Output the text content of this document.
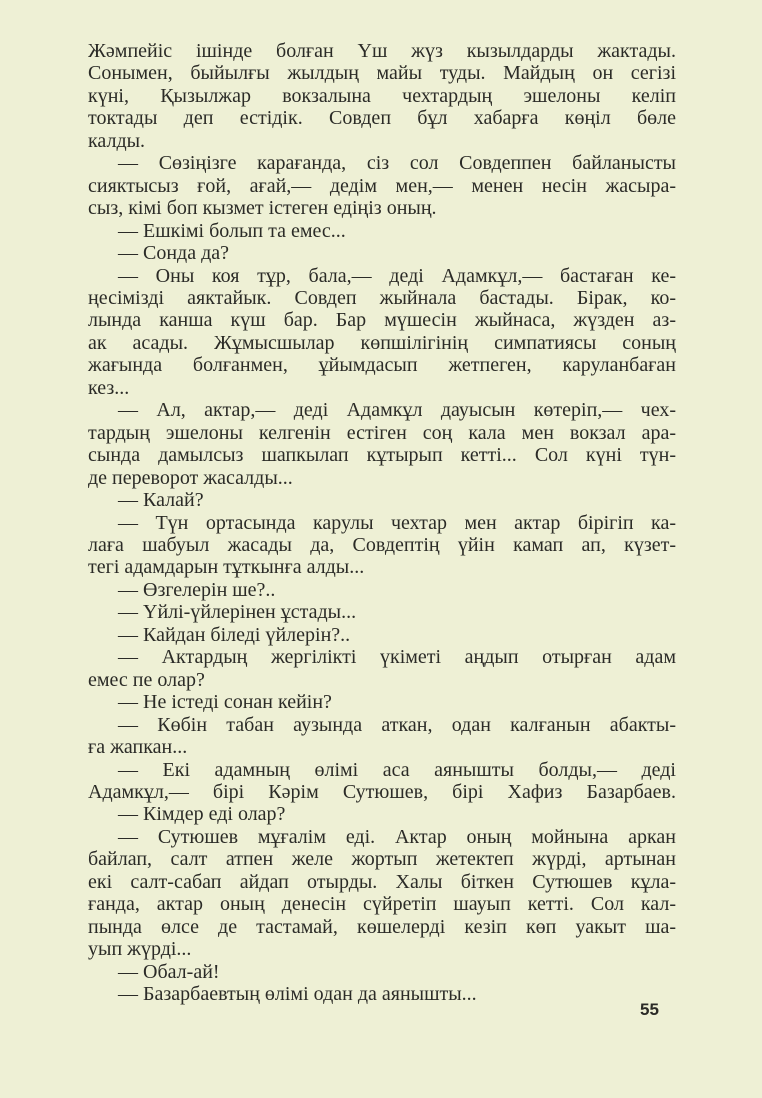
Жәмпейіс ішінде болған Үш жүз кызылдарды жактады.
Сонымен, быйылғы жылдың майы туды. Майдың он сегізі
күні, Қызылжар вокзалына чехтардың эшелоны келіп
токтады деп естідік. Совдеп бұл хабарға көңіл бөле
калды.
— Сөзіңізге карағанда, сіз сол Совдеппен байланысты
сияктысыз ғой, ағай,— дедім мен,— менен несін жасыра-
сыз, кімі боп кызмет істеген едіңіз оның.
— Ешкімі болып та емес...
— Сонда да?
— Оны коя тұр, бала,— деді Адамкұл,— бастаған ке-
ңесімізді аяктайык. Совдеп жыйнала бастады. Бірак, ко-
лында канша күш бар. Бар мүшесін жыйнаса, жүзден аз-
ак асады. Жұмысшылар көпшілігінің симпатиясы соның
жағында болғанмен, ұйымдасып жетпеген, карулaнбаған
кез...
— Ал, актар,— деді Адамкұл дауысын көтеріп,— чех-
тардың эшелоны келгенін естіген соң кала мен вокзал ара-
сында дамылсыз шапкылап кұтырып кетті... Сол күні түн-
де переворот жасалды...
— Калай?
— Түн ортасында карулы чехтар мен актар бірігіп ка-
лаға шабуыл жасады да, Совдептің үйін камап ап, күзет-
тегі адамдарын тұткынға алды...
— Өзгелерін ше?..
— Үйлі-үйлерінен ұстады...
— Кайдан біледі үйлерін?..
— Актардың жергілікті үкіметі аңдып отырған адам
емес пе олар?
— Не істеді сонан кейін?
— Көбін табан аузында аткан, одан калғанын абакты-
ға жапкан...
— Екі адамның өлімі аса аянышты болды,— деді
Адамкұл,— бірі Кәрім Сутюшев, бірі Хафиз Базарбаев.
— Кімдер еді олар?
— Сутюшев мұғалім еді. Актар оның мойнына аркан
байлап, салт атпен желе жортып жетектеп жүрді, артынан
екі салт-сабап айдап отырды. Халы біткен Сутюшев кұла-
ғанда, актар оның денесін сүйретіп шауып кетті. Сол кал-
пында өлсе де тастамай, көшелерді кезіп көп уакыт ша-
уып жүрді...
— Обал-ай!
— Базарбаевтың өлімі одан да аянышты...
55
